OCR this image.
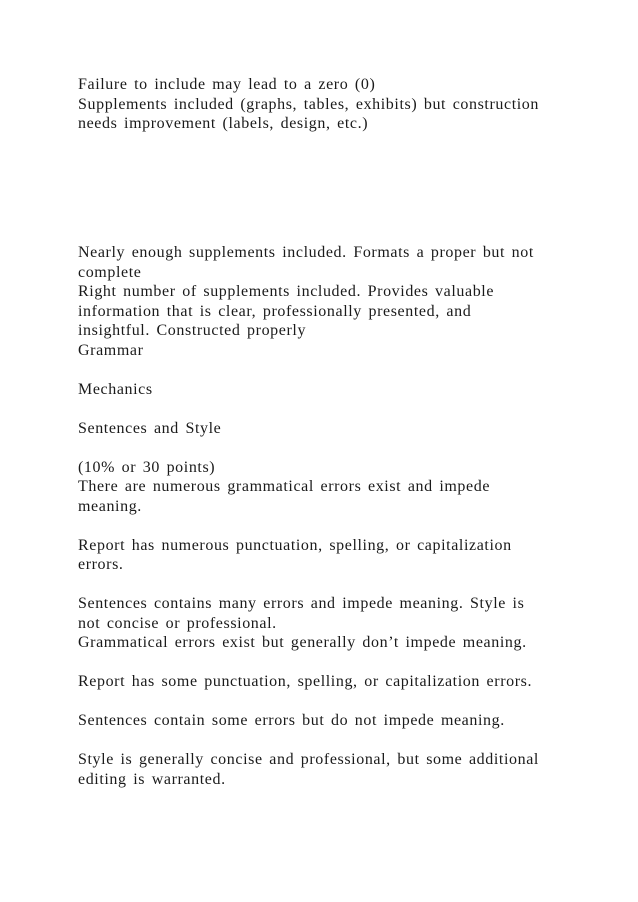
Failure to include may lead to a zero (0)
Supplements included (graphs, tables, exhibits) but construction
needs improvement (labels, design, etc.)
Nearly enough supplements included. Formats a proper but not
complete
Right number of supplements included. Provides valuable
information that is clear, professionally presented, and
insightful. Constructed properly
Grammar
Mechanics
Sentences and Style
(10% or 30 points)
There are numerous grammatical errors exist and impede
meaning.
Report has numerous punctuation, spelling, or capitalization
errors.
Sentences contains many errors and impede meaning. Style is
not concise or professional.
Grammatical errors exist but generally don’t impede meaning.
Report has some punctuation, spelling, or capitalization errors.
Sentences contain some errors but do not impede meaning.
Style is generally concise and professional, but some additional
editing is warranted.
